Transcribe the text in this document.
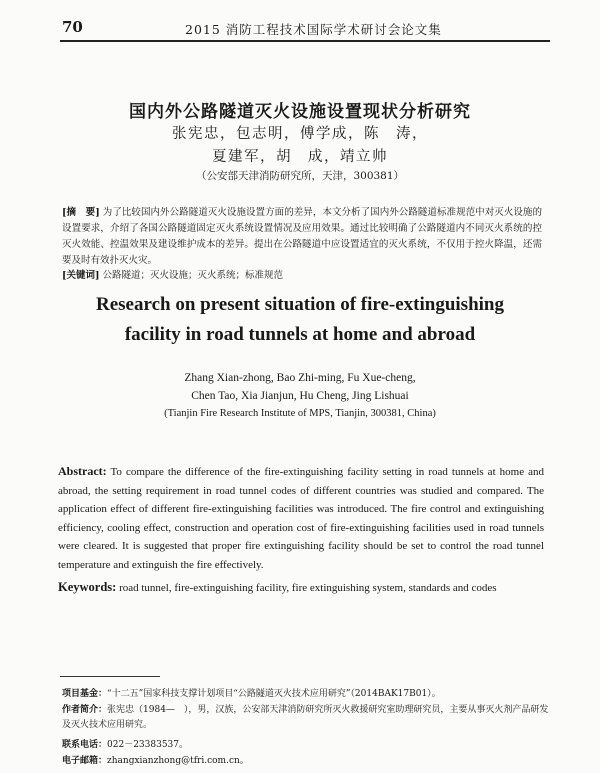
70	2015 消防工程技术国际学术研讨会论文集
国内外公路隧道灭火设施设置现状分析研究
张宪忠，包志明，傅学成，陈　涛，
夏建军，胡　成，靖立帅
（公安部天津消防研究所，天津，300381）
[摘　要] 为了比较国内外公路隧道灭火设施设置方面的差异，本文分析了国内外公路隧道标准规范中对灭火设施的设置要求，介绍了各国公路隧道固定灭火系统设置情况及应用效果。通过比较明确了公路隧道内不同灭火系统的控灭火效能、控温效果及建设维护成本的差异。提出在公路隧道中应设置适宜的灭火系统，不仅用于控火降温，还需要及时有效扑灭火灾。
[关键词] 公路隧道；灭火设施；灭火系统；标准规范
Research on present situation of fire-extinguishing
facility in road tunnels at home and abroad
Zhang Xian-zhong, Bao Zhi-ming, Fu Xue-cheng,
Chen Tao, Xia Jianjun, Hu Cheng, Jing Lishuai
(Tianjin Fire Research Institute of MPS, Tianjin, 300381, China)
Abstract: To compare the difference of the fire-extinguishing facility setting in road tunnels at home and abroad, the setting requirement in road tunnel codes of different countries was studied and compared. The application effect of different fire-extinguishing facilities was introduced. The fire control and extinguishing efficiency, cooling effect, construction and operation cost of fire-extinguishing facilities used in road tunnels were cleared. It is suggested that proper fire extinguishing facility should be set to control the road tunnel temperature and extinguish the fire effectively.
Keywords: road tunnel, fire-extinguishing facility, fire extinguishing system, standards and codes
项目基金：“十二五”国家科技支撑计划项目“公路隧道灭火技术应用研究”（2014BAK17B01）。
作者简介：张宪忠（1984—　），男，汉族，公安部天津消防研究所灭火救援研究室助理研究员，主要从事灭火剂产品研发及灭火技术应用研究。
联系电话：022－23383537。
电子邮箱：zhangxianzhong@tfri.com.cn。
